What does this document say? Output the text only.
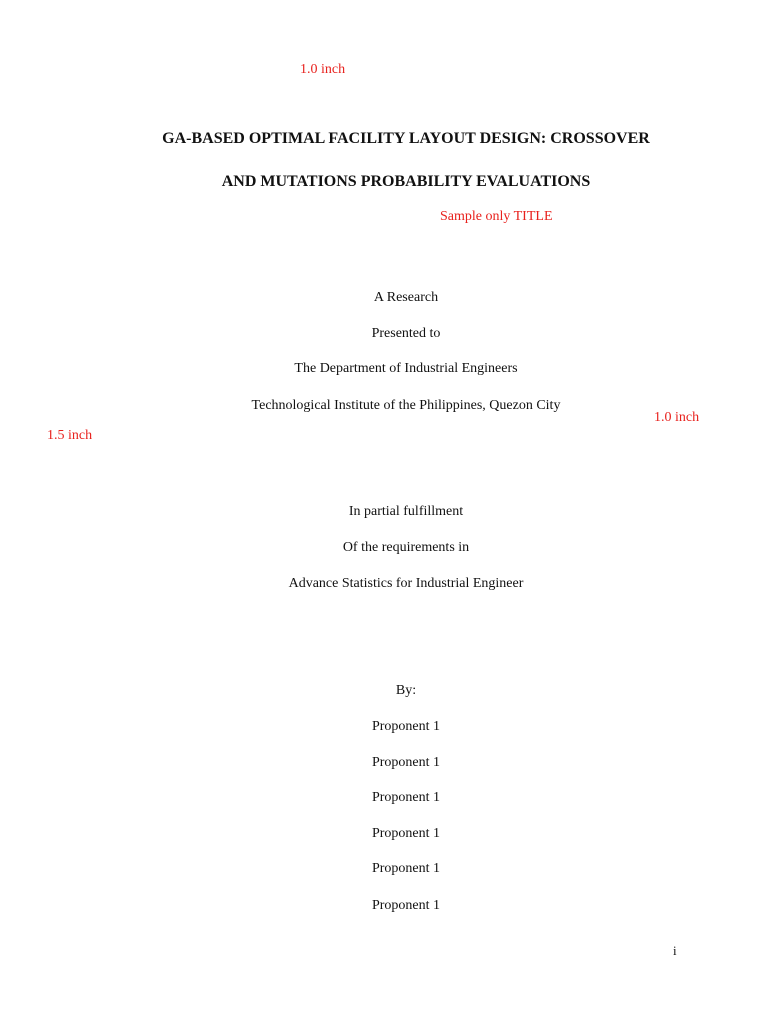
1.0 inch
GA-BASED OPTIMAL FACILITY LAYOUT DESIGN: CROSSOVER
AND MUTATIONS PROBABILITY EVALUATIONS
Sample only TITLE
A Research
Presented to
The Department of Industrial Engineers
Technological Institute of the Philippines, Quezon City
1.0 inch
1.5 inch
In partial fulfillment
Of the requirements in
Advance Statistics for Industrial Engineer
By:
Proponent 1
Proponent 1
Proponent 1
Proponent 1
Proponent 1
Proponent 1
i
